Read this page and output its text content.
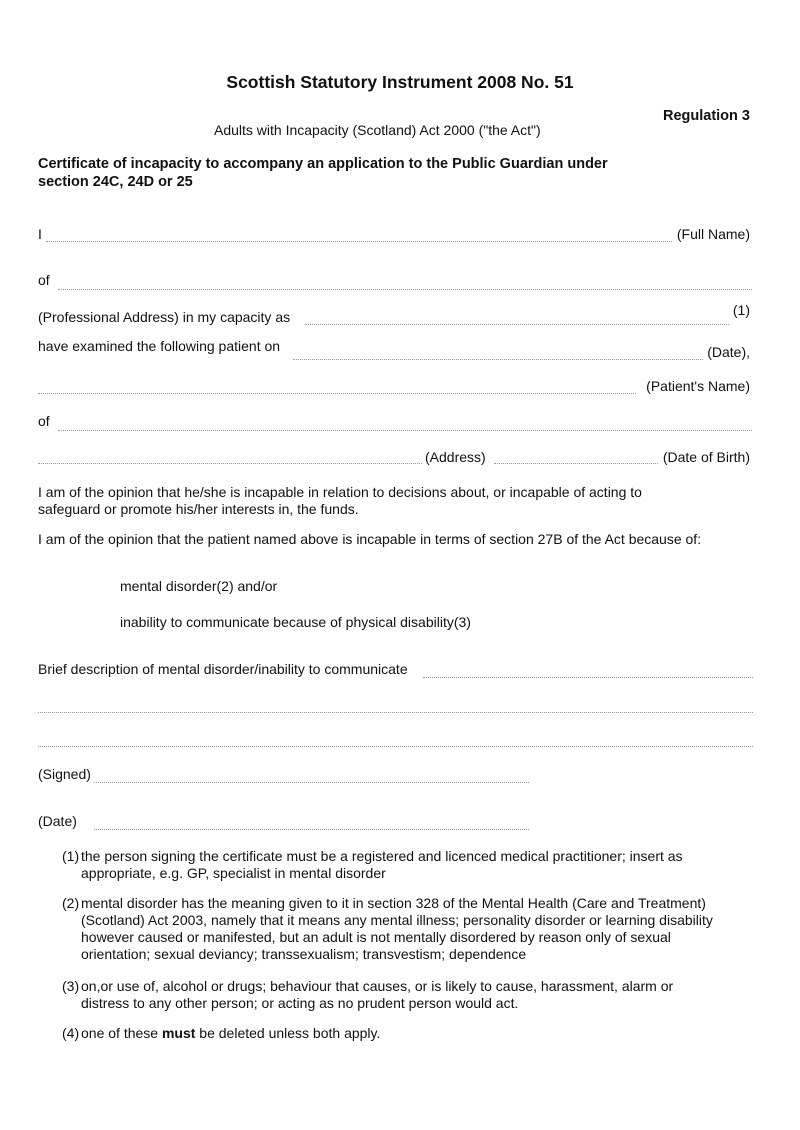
Scottish Statutory Instrument 2008 No. 51
Regulation 3
Adults with Incapacity (Scotland) Act 2000 ("the Act")
Certificate of incapacity to accompany an application to the Public Guardian under
section 24C, 24D or 25
I	(Full Name)
of
(Professional Address) in my capacity as	(1)
have examined the following patient on	(Date),
(Patient's Name)
of
(Address)	(Date of Birth)
I am of the opinion that he/she is incapable in relation to decisions about, or incapable of acting to safeguard or promote his/her interests in, the funds.
I am of the opinion that the patient named above is incapable in terms of section 27B of the Act because of:
mental disorder(2) and/or
inability to communicate because of physical disability(3)
Brief description of mental disorder/inability to communicate
(Signed)
(Date)
(1) the person signing the certificate must be a registered and licenced medical practitioner; insert as appropriate, e.g. GP, specialist in mental disorder
(2) mental disorder has the meaning given to it in section 328 of the Mental Health (Care and Treatment) (Scotland) Act 2003, namely that it means any mental illness; personality disorder or learning disability however caused or manifested, but an adult is not mentally disordered by reason only of sexual orientation; sexual deviancy; transsexualism; transvestism; dependence
(3) on,or use of, alcohol or drugs; behaviour that causes, or is likely to cause, harassment, alarm or distress to any other person; or acting as no prudent person would act.
(4) one of these must be deleted unless both apply.
